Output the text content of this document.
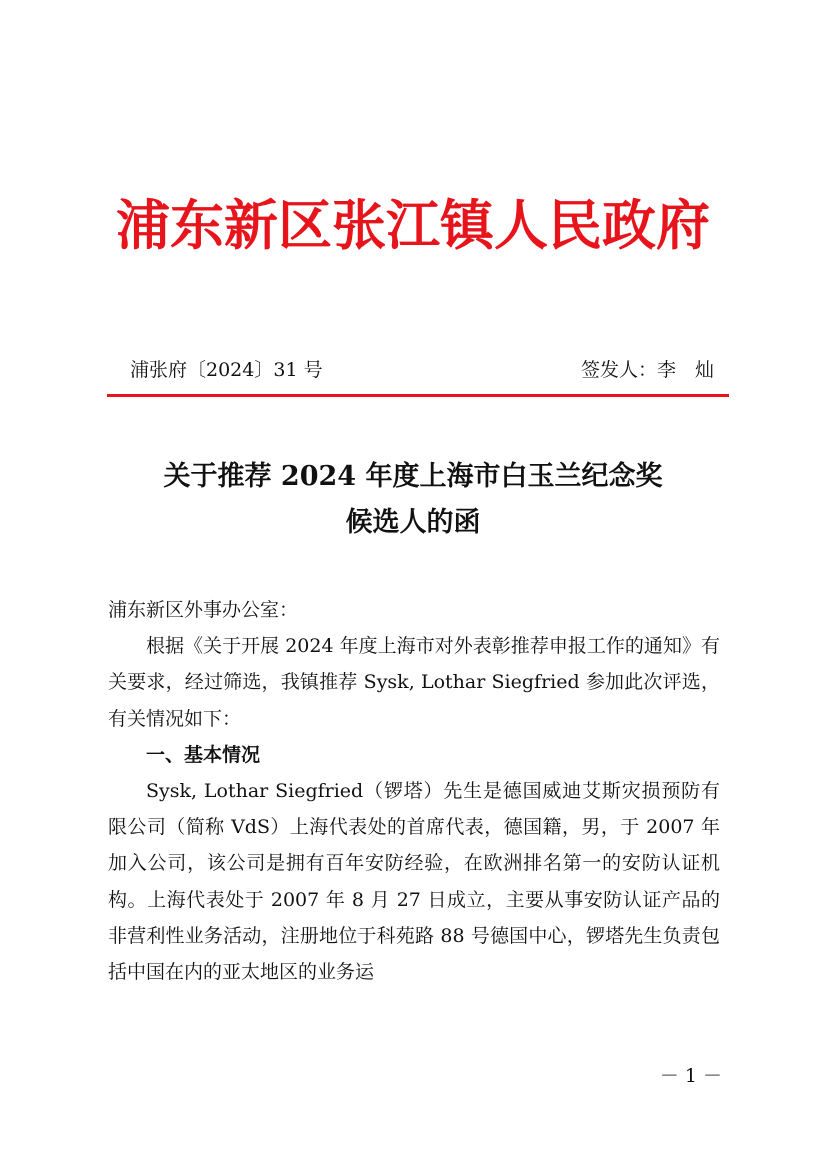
浦东新区张江镇人民政府
浦张府〔2024〕31 号	签发人：李　灿
关于推荐 2024 年度上海市白玉兰纪念奖
候选人的函

浦东新区外事办公室：

根据《关于开展 2024 年度上海市对外表彰推荐申报工作的通知》有关要求，经过筛选，我镇推荐 Sysk, Lothar Siegfried 参加此次评选，有关情况如下：

一、基本情况

Sysk, Lothar Siegfried（锣塔）先生是德国威迪艾斯灾损预防有限公司（简称 VdS）上海代表处的首席代表，德国籍，男，于 2007 年加入公司，该公司是拥有百年安防经验，在欧洲排名第一的安防认证机构。上海代表处于 2007 年 8 月 27 日成立，主要从事安防认证产品的非营利性业务活动，注册地位于科苑路 88 号德国中心，锣塔先生负责包括中国在内的亚太地区的业务运

－ 1 －
